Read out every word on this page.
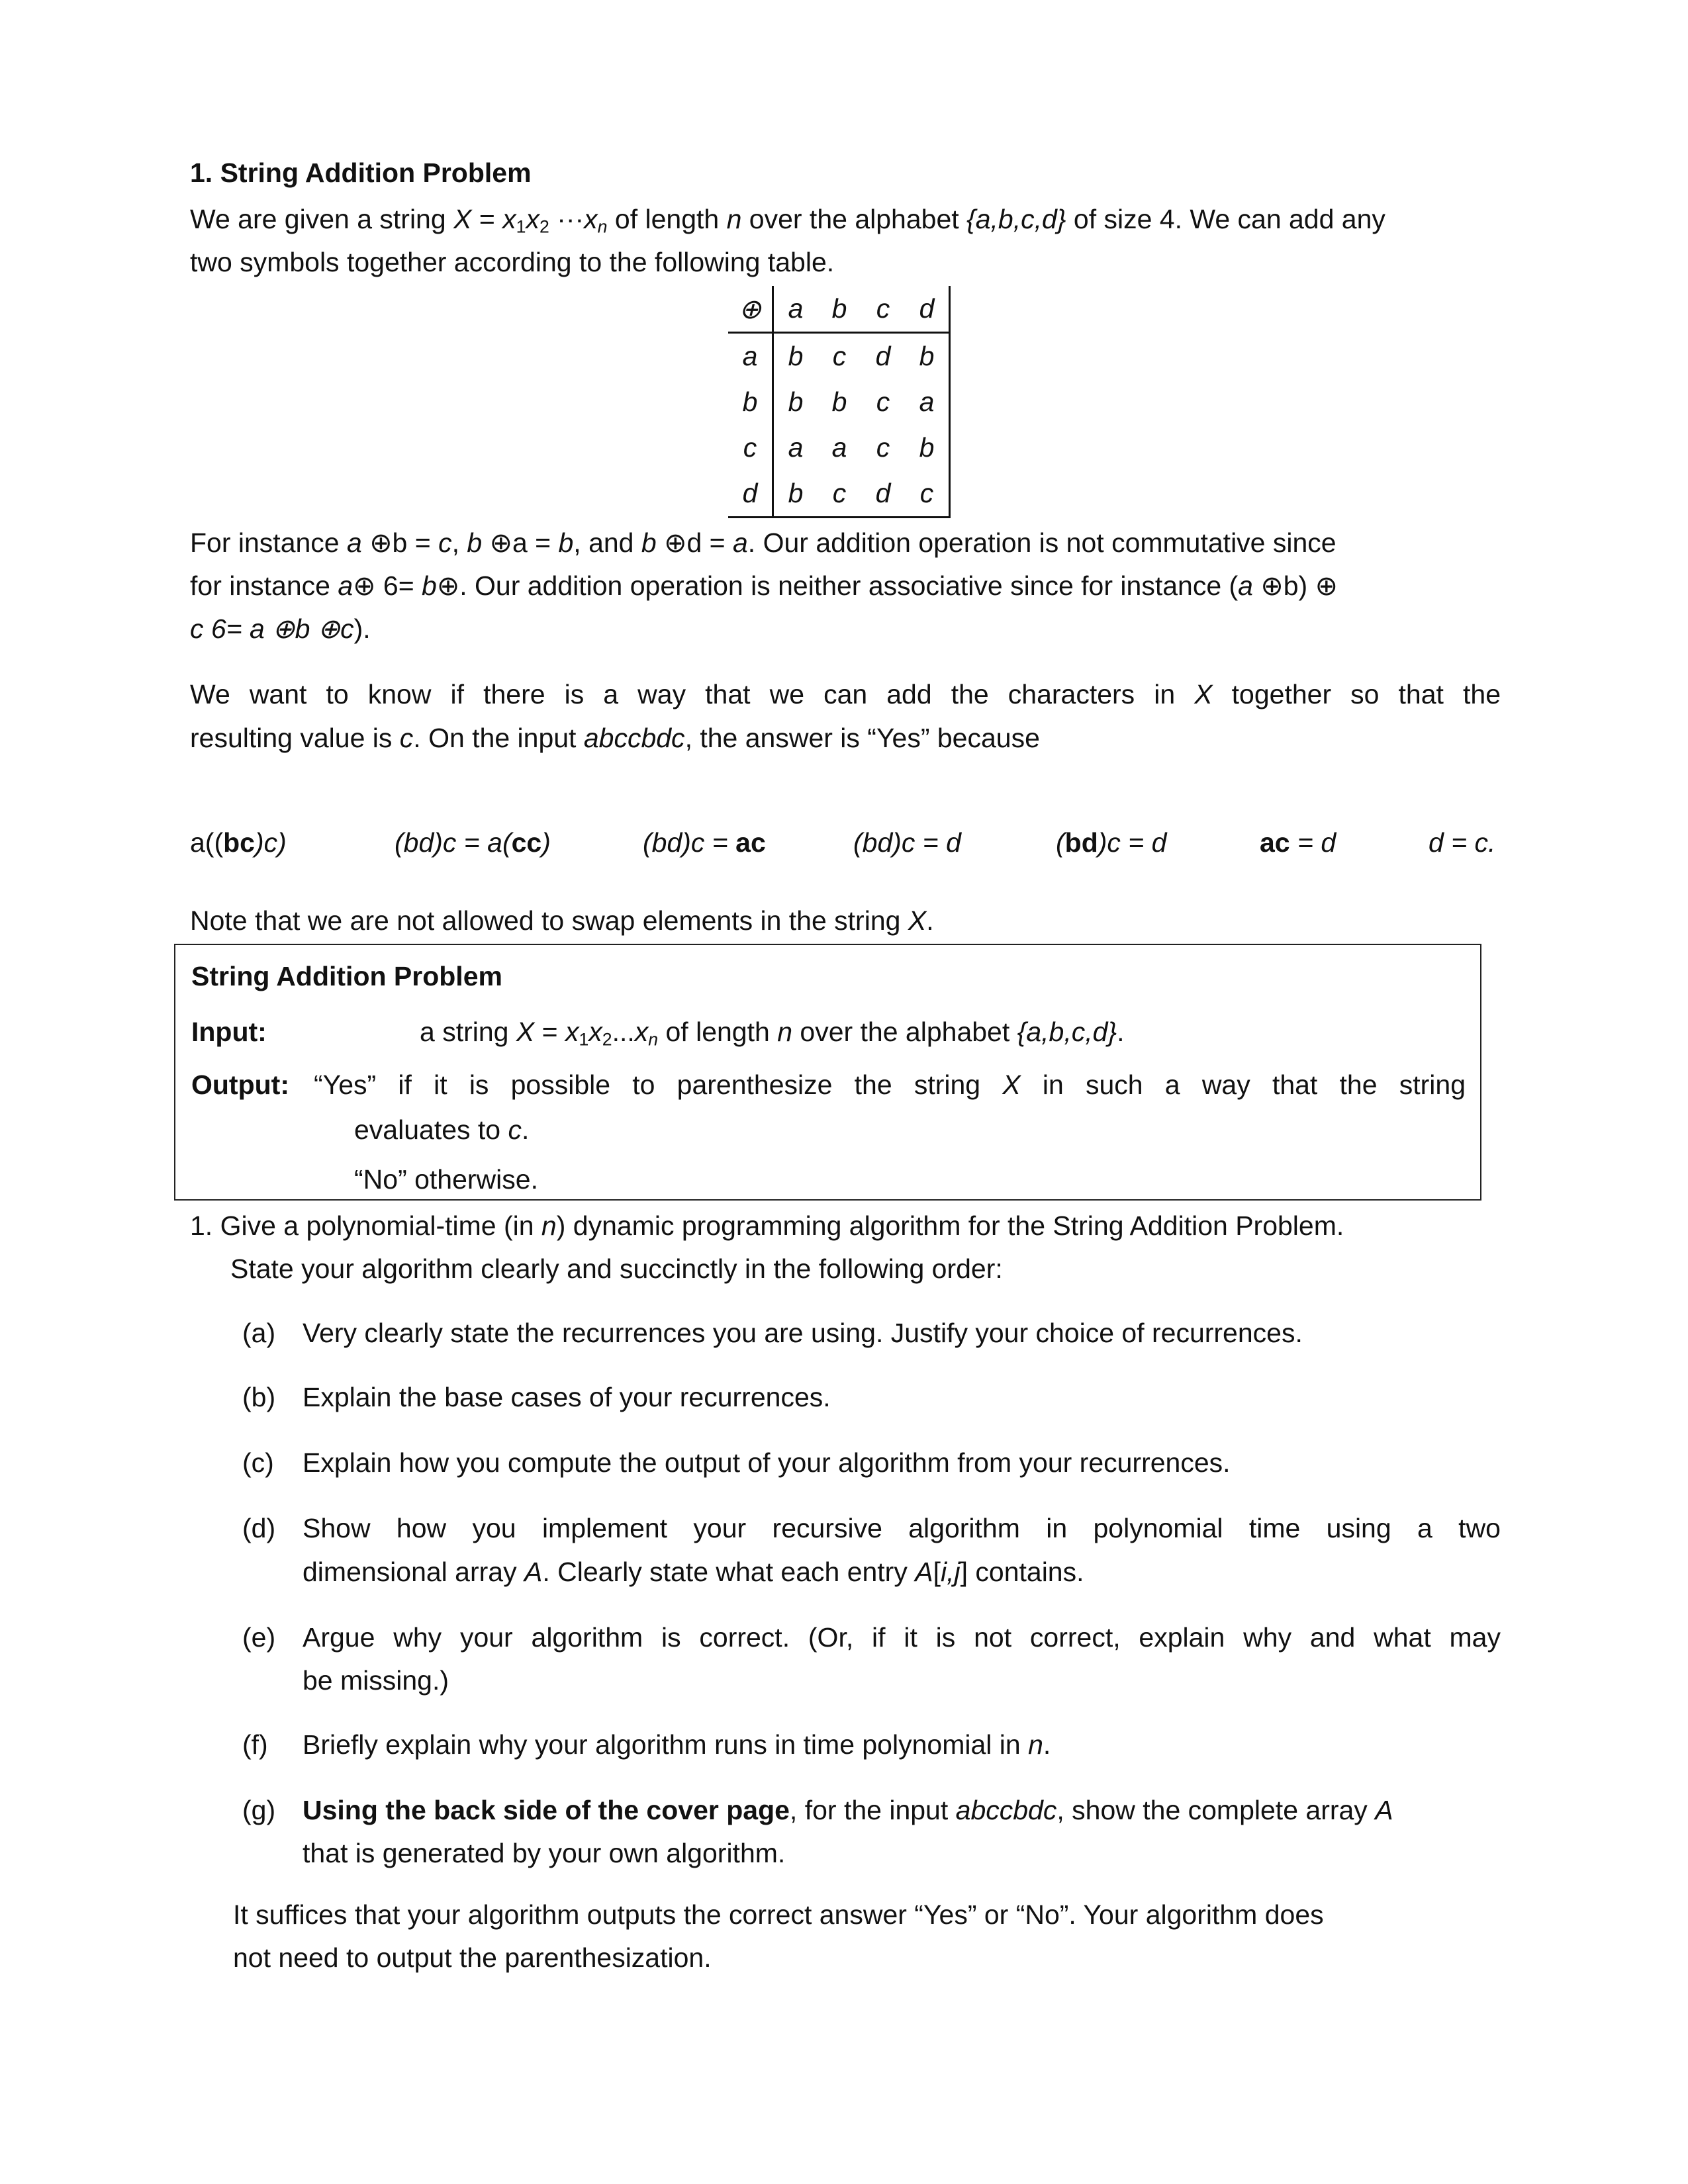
1. String Addition Problem
We are given a string $X = x_1x_2 \cdot\cdot\cdot xn$ of length n over the alphabet {a,b,c,d} of size 4. We can add any
two symbols together according to the following table.
⊕	a	b	c	d
a	b	c	d	b
b	b	b	c	a
c	a	a	c	b
d	b	c	d	c
For instance a ⊕b = c, b ⊕a = b, and b ⊕d = a. Our addition operation is not commutative since
for instance a⊕ 6= b⊕. Our addition operation is neither associative since for instance (a ⊕b) ⊕
c 6= a ⊕b ⊕c).
We want to know if there is a way that we can add the characters in X together so that the
resulting value is c. On the input abccbdc, the answer is “Yes” because
a((bc)c)	(bd)c = a(cc)	(bd)c = ac	(bd)c = d	(bd)c = d	ac = d	d = c.
Note that we are not allowed to swap elements in the string X.
String Addition Problem
Input:	a string $X = x_1x_2...xn$ of length n over the alphabet {a,b,c,d}.
Output: “Yes” if it is possible to parenthesize the string X in such a way that the string
evaluates to c.
“No” otherwise.
1. Give a polynomial-time (in n) dynamic programming algorithm for the String Addition Problem.
State your algorithm clearly and succinctly in the following order:
(a) Very clearly state the recurrences you are using. Justify your choice of recurrences.
(b) Explain the base cases of your recurrences.
(c) Explain how you compute the output of your algorithm from your recurrences.
(d) Show how you implement your recursive algorithm in polynomial time using a two
dimensional array A. Clearly state what each entry A[i,j] contains.
(e) Argue why your algorithm is correct. (Or, if it is not correct, explain why and what may
be missing.)
(f) Briefly explain why your algorithm runs in time polynomial in n.
(g) Using the back side of the cover page, for the input abccbdc, show the complete array A
that is generated by your own algorithm.
It suffices that your algorithm outputs the correct answer “Yes” or “No”. Your algorithm does
not need to output the parenthesization.
